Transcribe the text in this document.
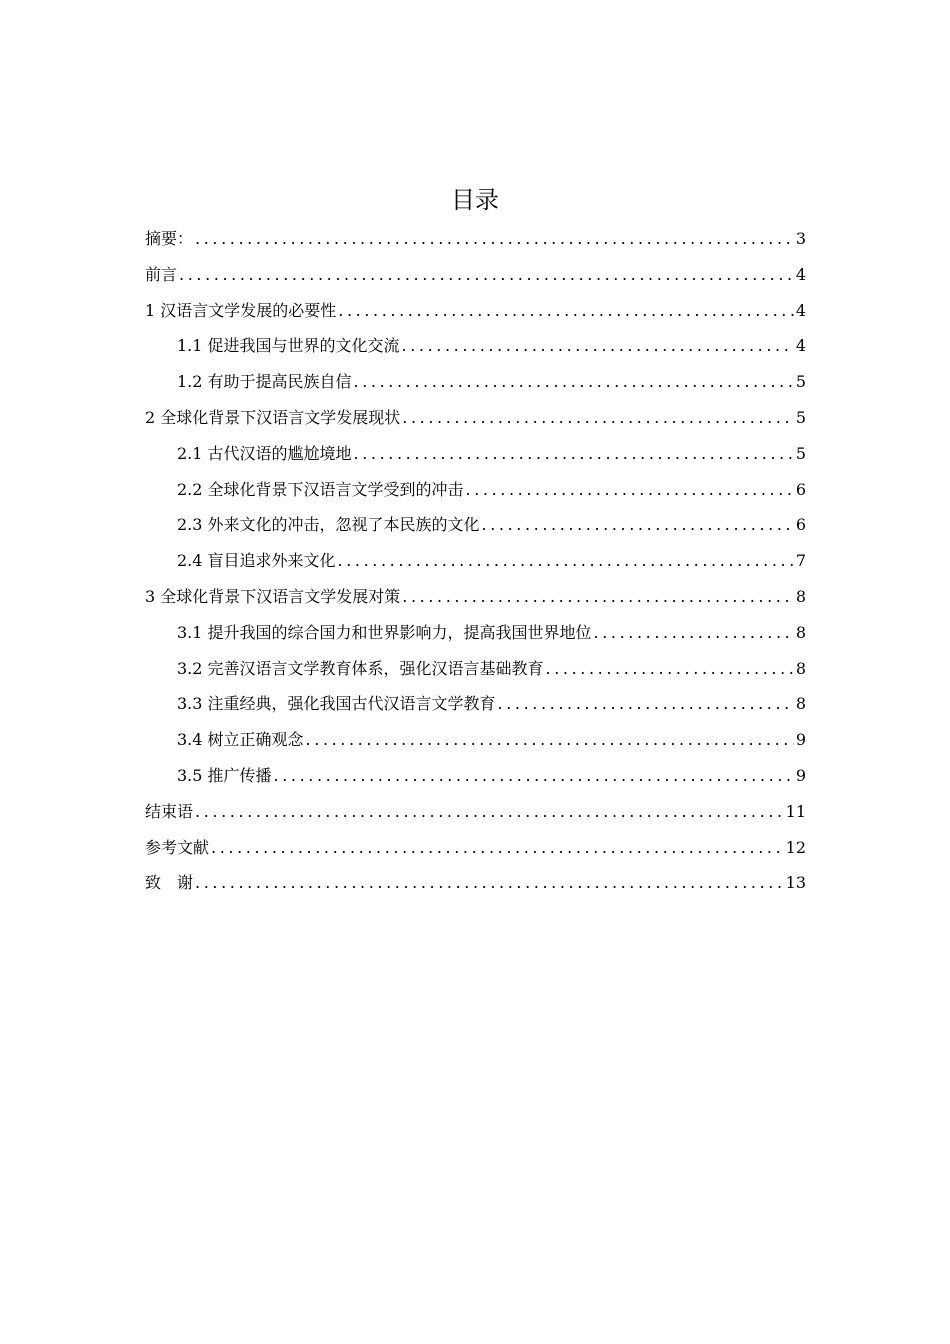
目录
摘要： .....	3
前言 .....	4
1 汉语言文学发展的必要性 .....	4
1.1 促进我国与世界的文化交流 .....	4
1.2 有助于提高民族自信 .....	5
2 全球化背景下汉语言文学发展现状 .....	5
2.1 古代汉语的尴尬境地 .....	5
2.2 全球化背景下汉语言文学受到的冲击 .....	6
2.3 外来文化的冲击，忽视了本民族的文化 .....	6
2.4 盲目追求外来文化 .....	7
3 全球化背景下汉语言文学发展对策 .....	8
3.1 提升我国的综合国力和世界影响力，提高我国世界地位 .....	8
3.2 完善汉语言文学教育体系，强化汉语言基础教育 .....	8
3.3 注重经典，强化我国古代汉语言文学教育 .....	8
3.4 树立正确观念 .....	9
3.5 推广传播 .....	9
结束语 .....	11
参考文献 .....	12
致　谢 .....	13
